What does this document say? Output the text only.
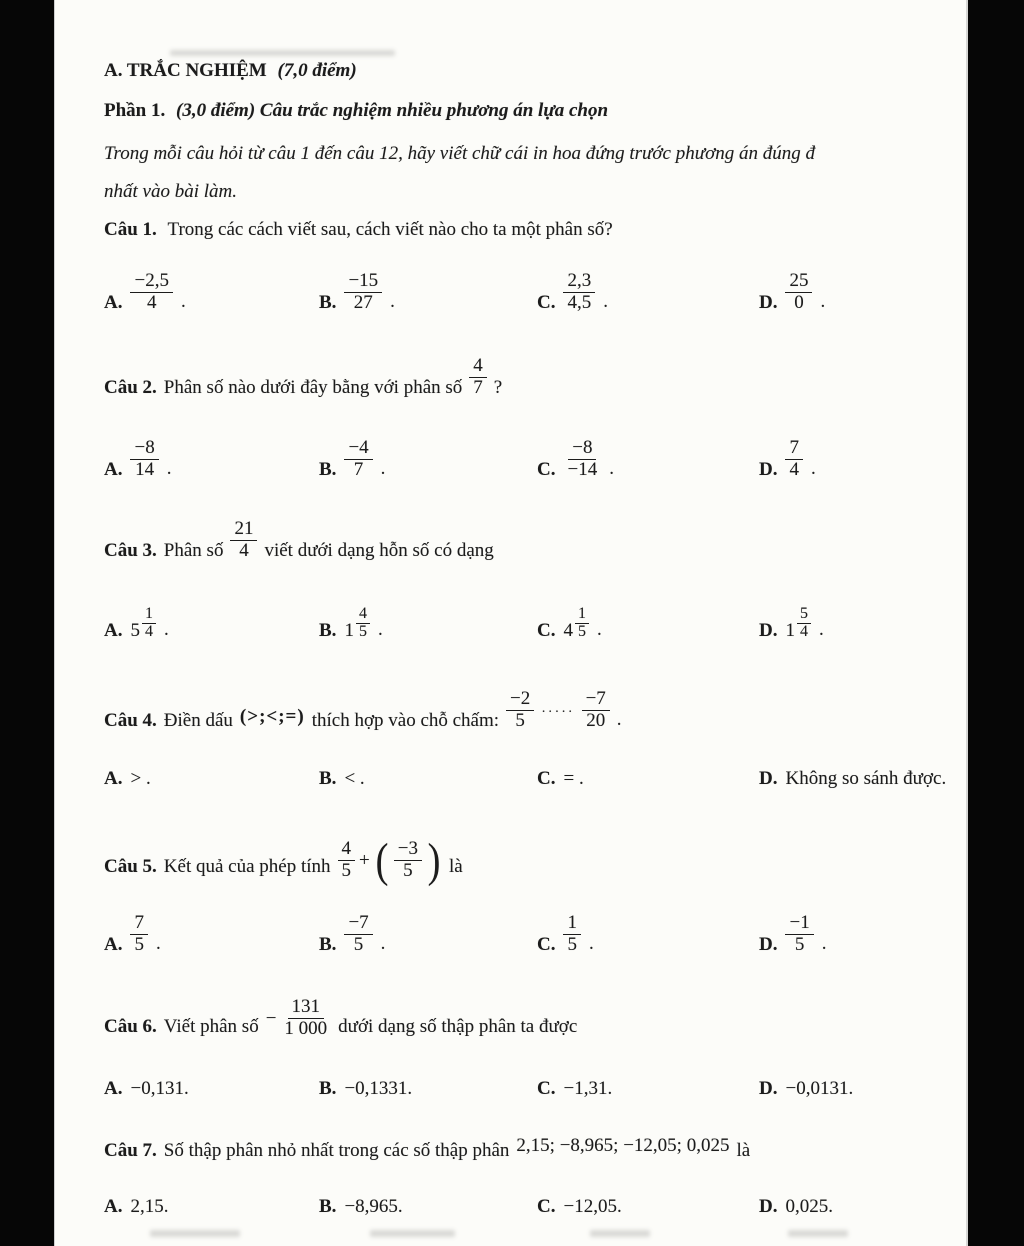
A. TRẮC NGHIỆM (7,0 điểm)
Phần 1. (3,0 điểm) Câu trắc nghiệm nhiều phương án lựa chọn
Trong mỗi câu hỏi từ câu 1 đến câu 12, hãy viết chữ cái in hoa đứng trước phương án đúng đ
nhất vào bài làm.
Câu 1. Trong các cách viết sau, cách viết nào cho ta một phân số?
A. $\frac{-2,5}{4}$ .	B. $\frac{-15}{27}$ .	C. $\frac{2,3}{4,5}$ .	D. $\frac{25}{0}$ .
Câu 2. Phân số nào dưới đây bằng với phân số $\frac{4}{7}$ ?
A. $\frac{-8}{14}$ .	B. $\frac{-4}{7}$ .	C. $\frac{-8}{-14}$ .	D. $\frac{7}{4}$ .
Câu 3. Phân số $\frac{21}{4}$ viết dưới dạng hỗn số có dạng
A. $5 \frac{1}{4}$ .	B. $1 \frac{4}{5}$ .	C. $4 \frac{1}{5}$ .	D. $1 \frac{5}{4}$ .
Câu 4. Điền dấu (>;<;=) thích hợp vào chỗ chấm: $\frac{-2}{5}$ ····· $\frac{-7}{20}$ .
A. > .	B. < .	C. = .	D. Không so sánh được.
Câu 5. Kết quả của phép tính $\frac{4}{5}$ + ( $\frac{-3}{5}$ ) là
A. $\frac{7}{5}$ .	B. $\frac{-7}{5}$ .	C. $\frac{1}{5}$ .	D. $\frac{-1}{5}$ .
Câu 6. Viết phân số − $\frac{131}{1 000}$ dưới dạng số thập phân ta được
A. −0,131.	B. −0,1331.	C. −1,31.	D. −0,0131.
Câu 7. Số thập phân nhỏ nhất trong các số thập phân 2,15; −8,965; −12,05; 0,025 là
A. 2,15.	B. −8,965.	C. −12,05.	D. 0,025.
